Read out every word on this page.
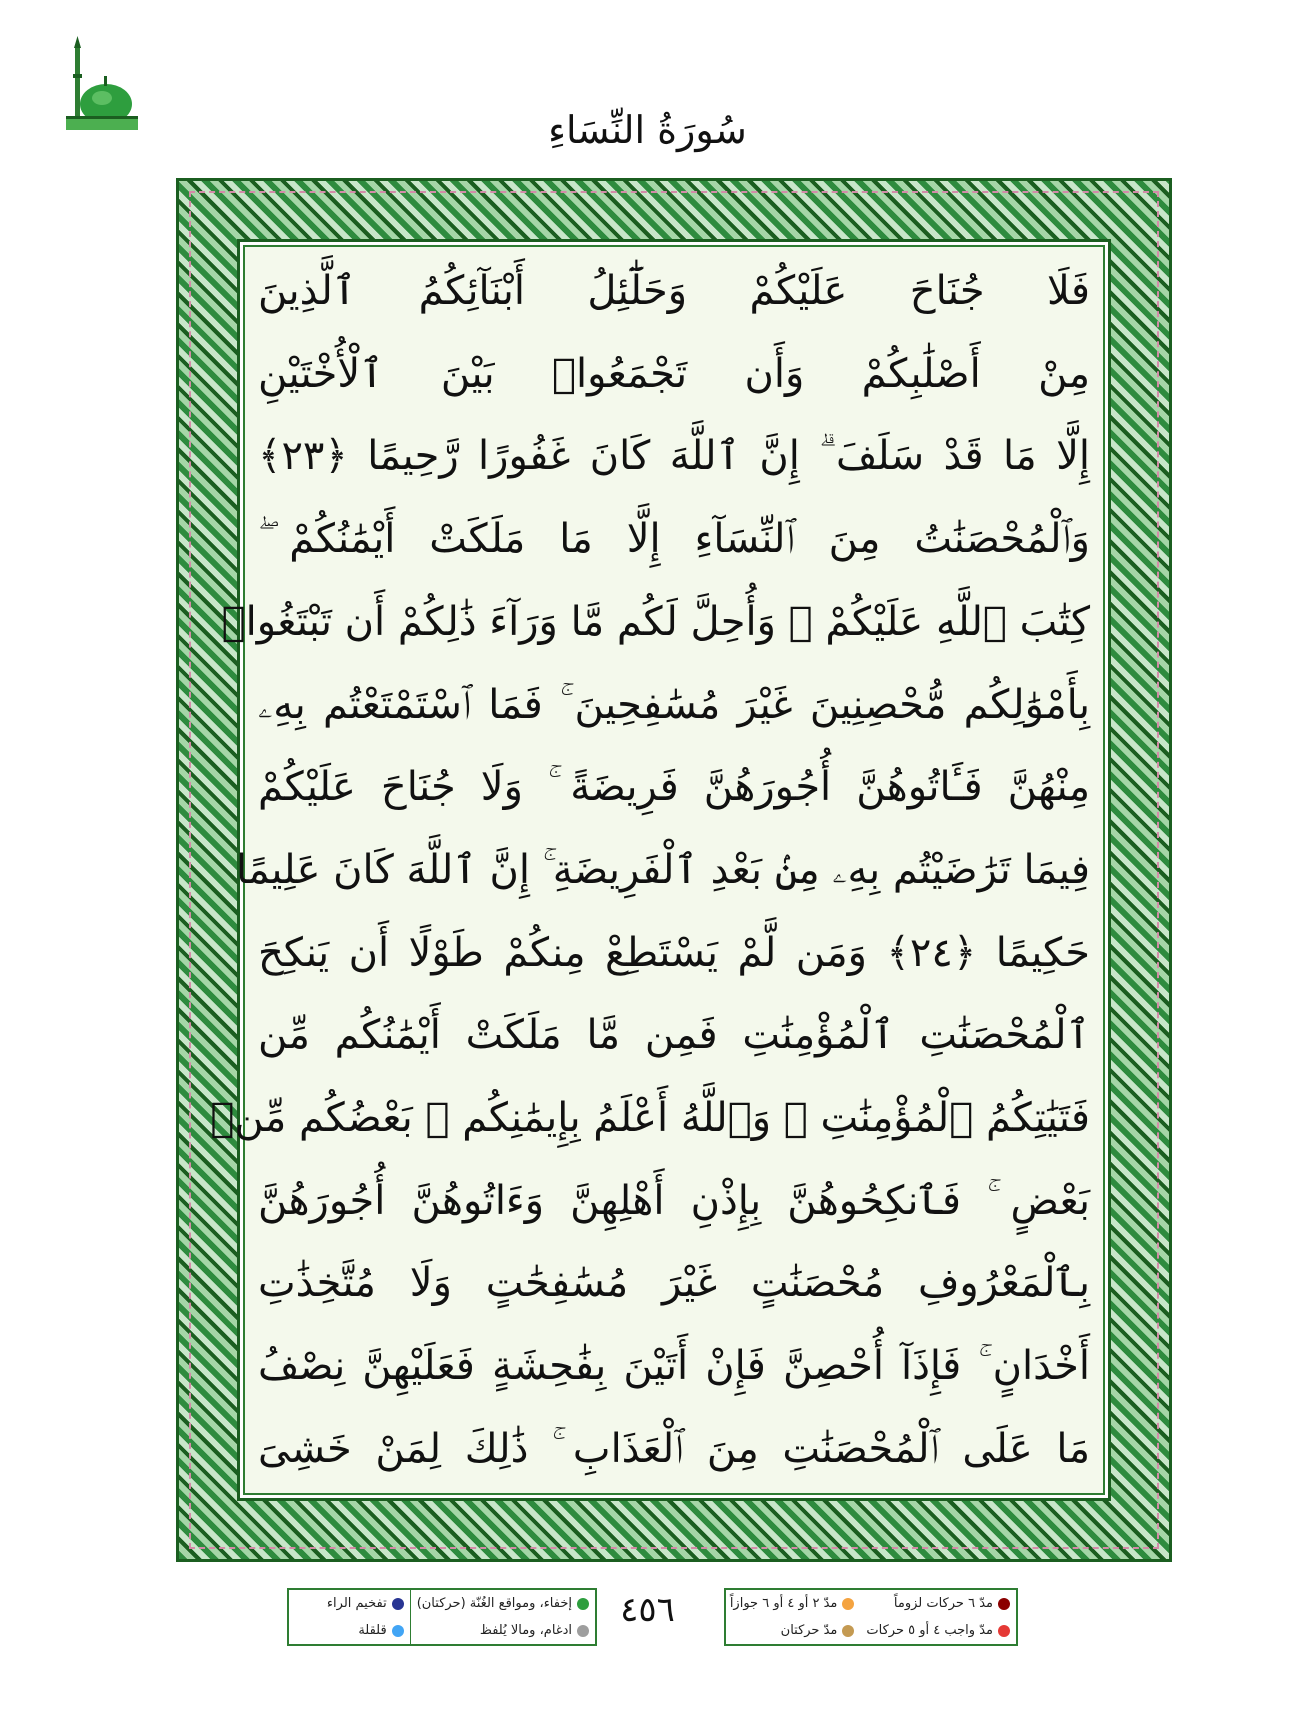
سُورَةُ النِّسَاءِ
فَلَا جُنَاحَ عَلَيْكُمْ وَحَلَٰٓئِلُ أَبْنَآئِكُمُ ٱلَّذِينَ
مِنْ أَصْلَٰبِكُمْ وَأَن تَجْمَعُوا۟ بَيْنَ ٱلْأُخْتَيْنِ
إِلَّا مَا قَدْ سَلَفَ ۗ إِنَّ ٱللَّهَ كَانَ غَفُورًا رَّحِيمًا ﴿٢٣﴾
وَٱلْمُحْصَنَٰتُ مِنَ ٱلنِّسَآءِ إِلَّا مَا مَلَكَتْ أَيْمَٰنُكُمْ ۖ
كِتَٰبَ ٱللَّهِ عَلَيْكُمْ ۚ وَأُحِلَّ لَكُم مَّا وَرَآءَ ذَٰلِكُمْ أَن تَبْتَغُوا۟
بِأَمْوَٰلِكُم مُّحْصِنِينَ غَيْرَ مُسَٰفِحِينَ ۚ فَمَا ٱسْتَمْتَعْتُم بِهِۦ
مِنْهُنَّ فَـَٔاتُوهُنَّ أُجُورَهُنَّ فَرِيضَةً ۚ وَلَا جُنَاحَ عَلَيْكُمْ
فِيمَا تَرَٰضَيْتُم بِهِۦ مِنۢ بَعْدِ ٱلْفَرِيضَةِ ۚ إِنَّ ٱللَّهَ كَانَ عَلِيمًا
حَكِيمًا ﴿٢٤﴾ وَمَن لَّمْ يَسْتَطِعْ مِنكُمْ طَوْلًا أَن يَنكِحَ
ٱلْمُحْصَنَٰتِ ٱلْمُؤْمِنَٰتِ فَمِن مَّا مَلَكَتْ أَيْمَٰنُكُم مِّن
فَتَيَٰتِكُمُ ٱلْمُؤْمِنَٰتِ ۚ وَٱللَّهُ أَعْلَمُ بِإِيمَٰنِكُم ۚ بَعْضُكُم مِّنۢ
بَعْضٍ ۚ فَٱنكِحُوهُنَّ بِإِذْنِ أَهْلِهِنَّ وَءَاتُوهُنَّ أُجُورَهُنَّ
بِٱلْمَعْرُوفِ مُحْصَنَٰتٍ غَيْرَ مُسَٰفِحَٰتٍ وَلَا مُتَّخِذَٰتِ
أَخْدَانٍ ۚ فَإِذَآ أُحْصِنَّ فَإِنْ أَتَيْنَ بِفَٰحِشَةٍ فَعَلَيْهِنَّ نِصْفُ
مَا عَلَى ٱلْمُحْصَنَٰتِ مِنَ ٱلْعَذَابِ ۚ ذَٰلِكَ لِمَنْ خَشِىَ
إخفاء، ومواقع الغُنّة (حركتان)
تفخيم الراء
ادغام، ومالا يُلفظ
قلقلة
٤٥٦	مدّ ٦ حركات لزوماً
مدّ ٢ أو ٤ أو ٦ جوازاً
مدّ واجب ٤ أو ٥ حركات
مدّ حركتان
